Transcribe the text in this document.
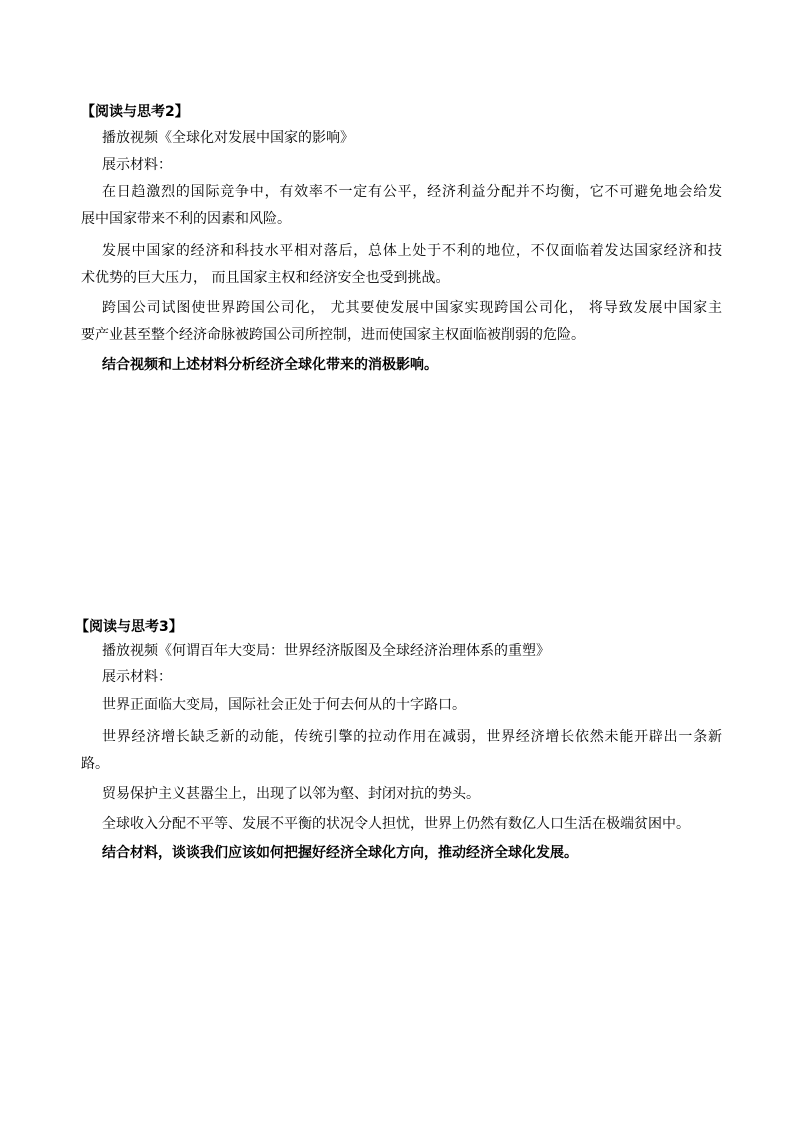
【阅读与思考2】
播放视频《全球化对发展中国家的影响》
展示材料：
在日趋激烈的国际竞争中，有效率不一定有公平，经济利益分配并不均衡，它不可避免地会给发
展中国家带来不利的因素和风险。
发展中国家的经济和科技水平相对落后，总体上处于不利的地位，不仅面临着发达国家经济和技
术优势的巨大压力， 而且国家主权和经济安全也受到挑战。
跨国公司试图使世界跨国公司化， 尤其要使发展中国家实现跨国公司化， 将导致发展中国家主
要产业甚至整个经济命脉被跨国公司所控制，进而使国家主权面临被削弱的危险。
结合视频和上述材料分析经济全球化带来的消极影响。
【阅读与思考3】
播放视频《何谓百年大变局：世界经济版图及全球经济治理体系的重塑》
展示材料：
世界正面临大变局，国际社会正处于何去何从的十字路口。
世界经济增长缺乏新的动能，传统引擎的拉动作用在减弱，世界经济增长依然未能开辟出一条新
路。
贸易保护主义甚嚣尘上，出现了以邻为壑、封闭对抗的势头。
全球收入分配不平等、发展不平衡的状况令人担忧，世界上仍然有数亿人口生活在极端贫困中。
结合材料，谈谈我们应该如何把握好经济全球化方向，推动经济全球化发展。
